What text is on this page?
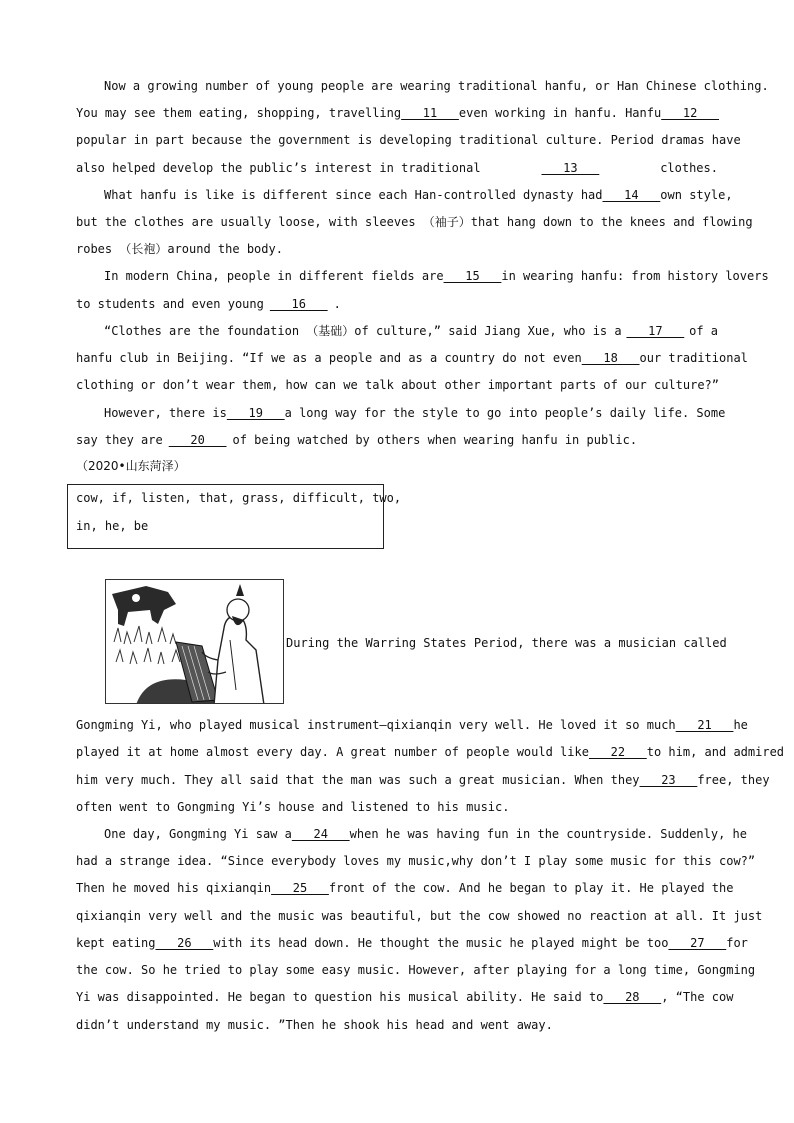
Now a growing number of young people are wearing traditional hanfu, or Han Chinese clothing.
You may see them eating, shopping, travelling 11 even working in hanfu. Hanfu 12
popular in part because the government is developing traditional culture. Period dramas have
also helped develop the public’s interest in traditional	13	clothes.
What hanfu is like is different since each Han-controlled dynasty had 14 own style,
but the clothes are usually loose, with sleeves （袖子）that hang down to the knees and flowing
robes （长袍）around the body.
In modern China, people in different fields are 15 in wearing hanfu: from history lovers
to students and even young 16 .
“Clothes are the foundation （基础）of culture,” said Jiang Xue, who is a 17 of a
hanfu club in Beijing. “If we as a people and as a country do not even 18 our traditional
clothing or don’t wear them, how can we talk about other important parts of our culture?”
However, there is 19 a long way for the style to go into people’s daily life. Some
say they are 20 of being watched by others when wearing hanfu in public.
（2020•山东菏泽）
cow, if, listen, that, grass, difficult, two,
in, he, be
During the Warring States Period, there was a musician called
Gongming Yi, who played musical instrument—qixianqin very well. He loved it so much 21 he
played it at home almost every day. A great number of people would like 22 to him, and admired
him very much. They all said that the man was such a great musician. When they 23 free, they
often went to Gongming Yi’s house and listened to his music.
One day, Gongming Yi saw a 24 when he was having fun in the countryside. Suddenly, he
had a strange idea. “Since everybody loves my music,why don’t I play some music for this cow?”
Then he moved his qixianqin 25 front of the cow. And he began to play it. He played the
qixianqin very well and the music was beautiful, but the cow showed no reaction at all. It just
kept eating 26 with its head down. He thought the music he played might be too 27 for
the cow. So he tried to play some easy music. However, after playing for a long time, Gongming
Yi was disappointed. He began to question his musical ability. He said to 28 , “The cow
didn’t understand my music. ”Then he shook his head and went away.
